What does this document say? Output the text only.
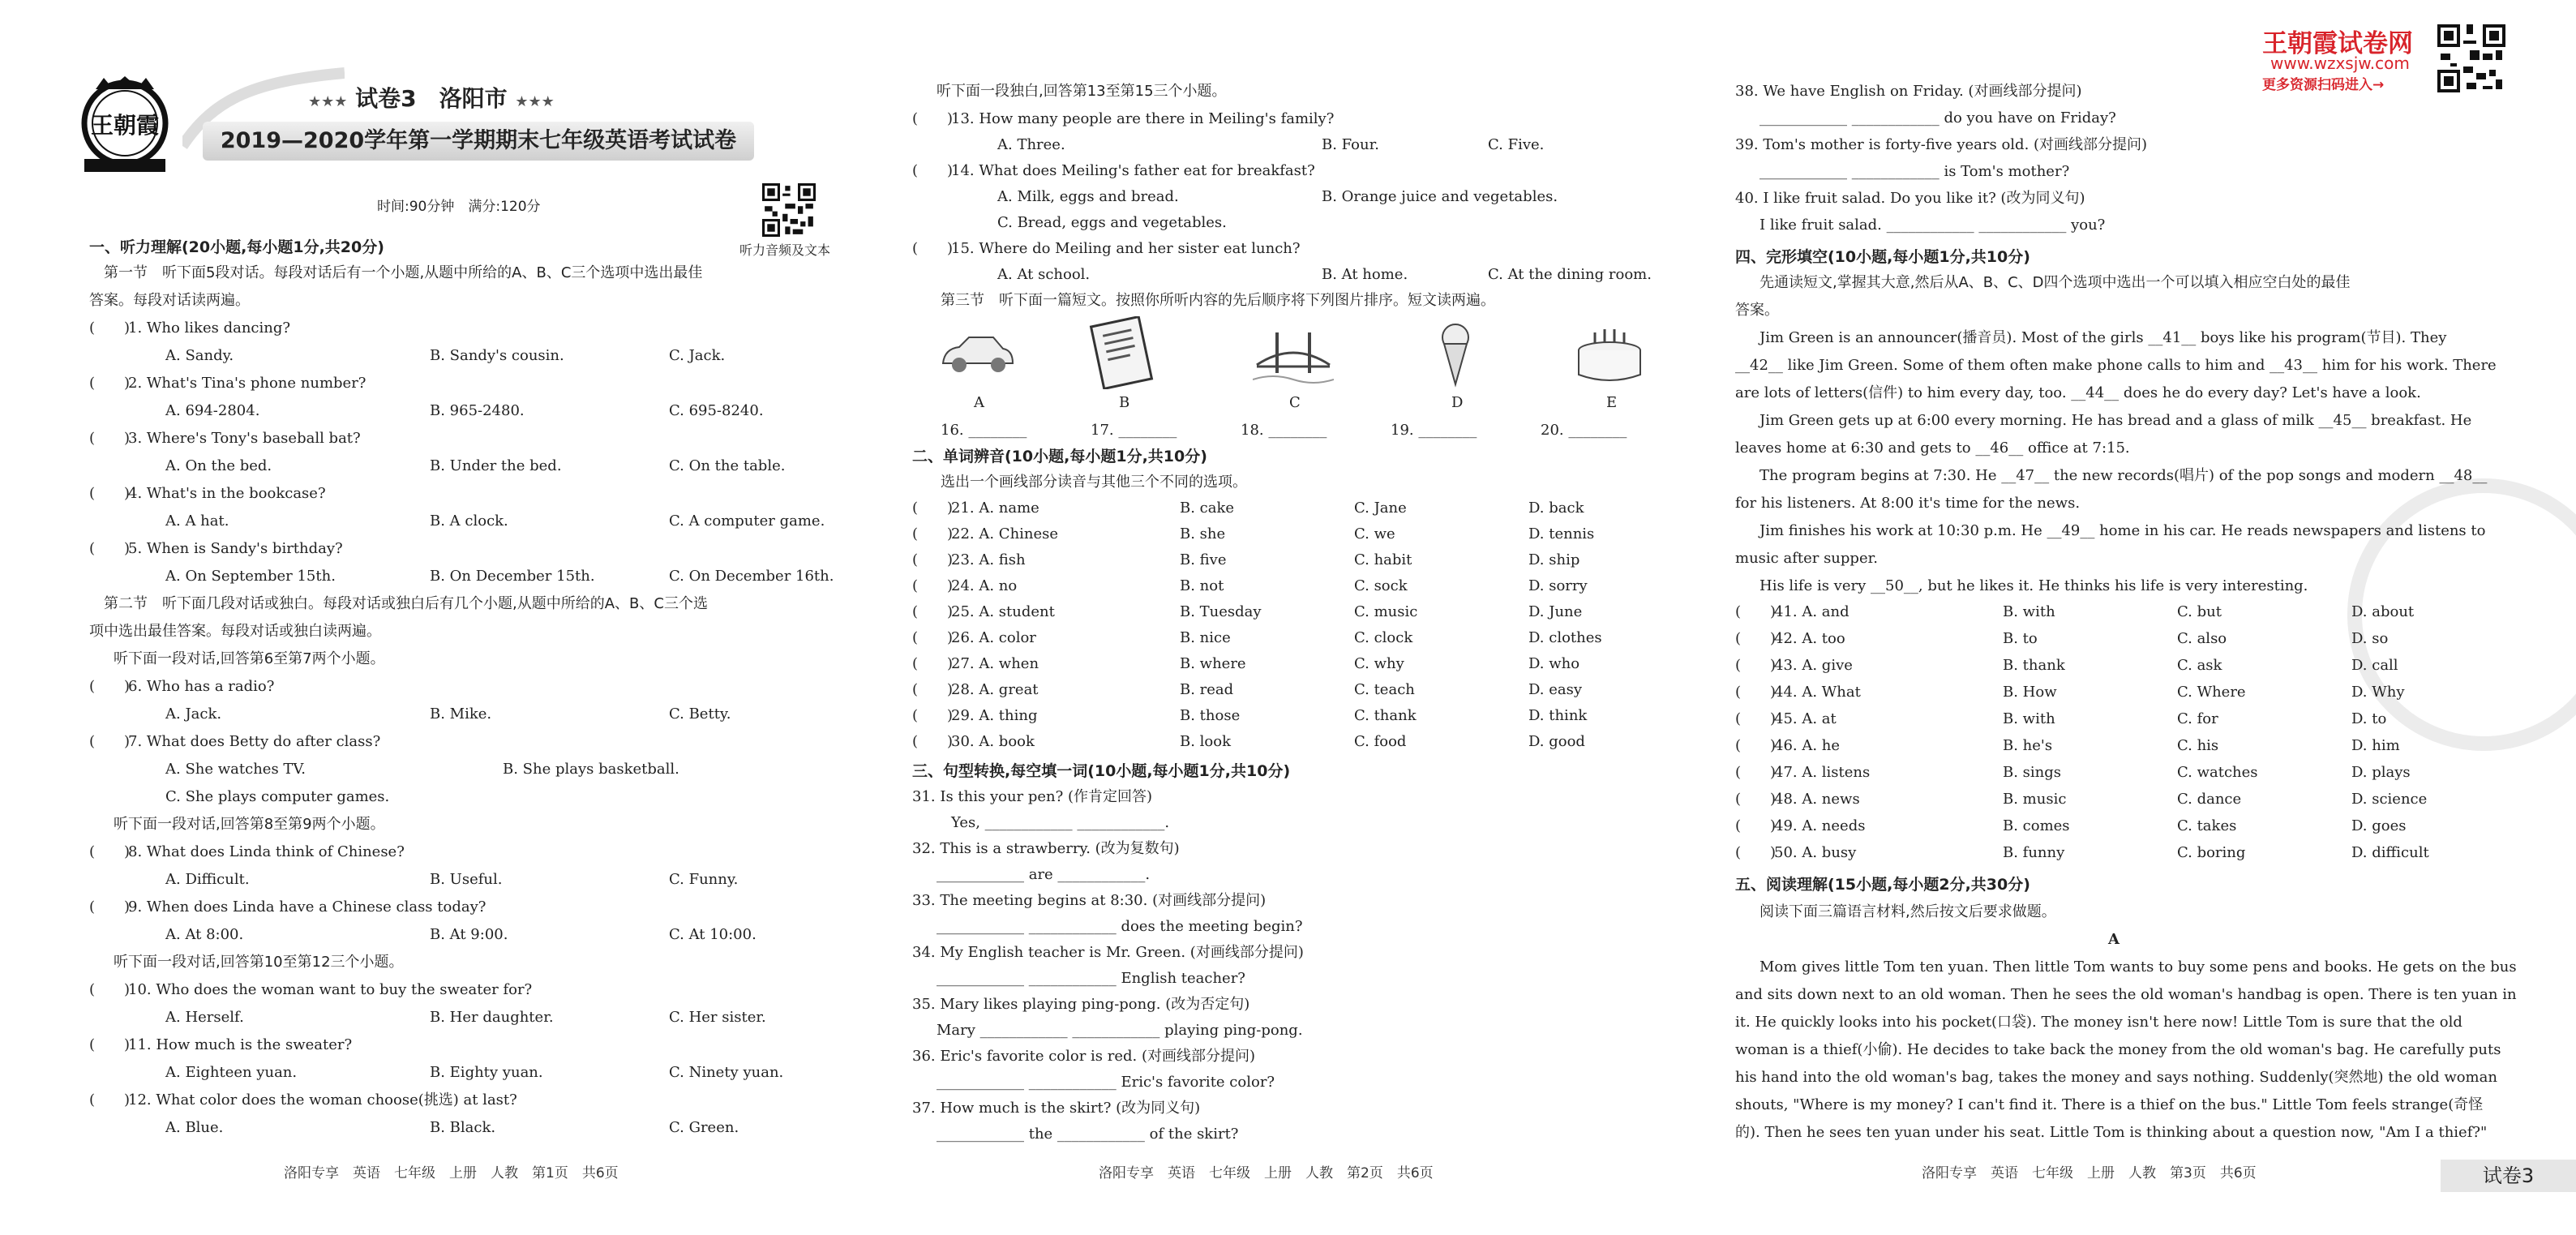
王朝霞
★★★ 试卷3　洛阳市 ★★★
2019—2020学年第一学期期末七年级英语考试试卷
时间:90分钟　满分:120分
听力音频及文本
王朝霞试卷网
www.wzxsjw.com
更多资源扫码进入→
一、听力理解(20小题,每小题1分,共20分)
　第一节　听下面5段对话。每段对话后有一个小题,从题中所给的A、B、C三个选项中选出最佳
答案。每段对话读两遍。
(　　)
1. Who likes dancing?
A. Sandy.	B. Sandy's cousin.	C. Jack.
(　　)
2. What's Tina's phone number?
A. 694-2804.	B. 965-2480.	C. 695-8240.
(　　)
3. Where's Tony's baseball bat?
A. On the bed.	B. Under the bed.	C. On the table.
(　　)
4. What's in the bookcase?
A. A hat.	B. A clock.	C. A computer game.
(　　)
5. When is Sandy's birthday?
A. On September 15th.	B. On December 15th.	C. On December 16th.
　第二节　听下面几段对话或独白。每段对话或独白后有几个小题,从题中所给的A、B、C三个选
项中选出最佳答案。每段对话或独白读两遍。
听下面一段对话,回答第6至第7两个小题。
(　　)
6. Who has a radio?
A. Jack.	B. Mike.	C. Betty.
(　　)
7. What does Betty do after class?
A. She watches TV.	B. She plays basketball.
C. She plays computer games.
听下面一段对话,回答第8至第9两个小题。
(　　)
8. What does Linda think of Chinese?
A. Difficult.	B. Useful.	C. Funny.
(　　)
9. When does Linda have a Chinese class today?
A. At 8:00.	B. At 9:00.	C. At 10:00.
听下面一段对话,回答第10至第12三个小题。
(　　)
10. Who does the woman want to buy the sweater for?
A. Herself.	B. Her daughter.	C. Her sister.
(　　)
11. How much is the sweater?
A. Eighteen yuan.	B. Eighty yuan.	C. Ninety yuan.
(　　)
12. What color does the woman choose(挑选) at last?
A. Blue.	B. Black.	C. Green.
听下面一段独白,回答第13至第15三个小题。
(　　)
13. How many people are there in Meiling's family?
A. Three.	B. Four.	C. Five.
(　　)
14. What does Meiling's father eat for breakfast?
A. Milk, eggs and bread.	B. Orange juice and vegetables.
C. Bread, eggs and vegetables.
(　　)
15. Where do Meiling and her sister eat lunch?
A. At school.	B. At home.	C. At the dining room.
第三节　听下面一篇短文。按照你所听内容的先后顺序将下列图片排序。短文读两遍。
A	B	C	D	E
16. ________	17. ________	18. ________	19. ________	20. ________
二、单词辨音(10小题,每小题1分,共10分)
选出一个画线部分读音与其他三个不同的选项。
(　　)
21. A. name	B. cake	C. Jane	D. back
(　　)
22. A. Chinese	B. she	C. we	D. tennis
(　　)
23. A. fish	B. five	C. habit	D. ship
(　　)
24. A. no	B. not	C. sock	D. sorry
(　　)
25. A. student	B. Tuesday	C. music	D. June
(　　)
26. A. color	B. nice	C. clock	D. clothes
(　　)
27. A. when	B. where	C. why	D. who
(　　)
28. A. great	B. read	C. teach	D. easy
(　　)
29. A. thing	B. those	C. thank	D. think
(　　)
30. A. book	B. look	C. food	D. good
三、句型转换,每空填一词(10小题,每小题1分,共10分)
31. Is this your pen? (作肯定回答)
　Yes, ____________ ____________.
32. This is a strawberry. (改为复数句)
____________ are ____________.
33. The meeting begins at 8:30. (对画线部分提问)
____________ ____________ does the meeting begin?
34. My English teacher is Mr. Green. (对画线部分提问)
____________ ____________ English teacher?
35. Mary likes playing ping-pong. (改为否定句)
Mary ____________ ____________ playing ping-pong.
36. Eric's favorite color is red. (对画线部分提问)
____________ ____________ Eric's favorite color?
37. How much is the skirt? (改为同义句)
____________ the ____________ of the skirt?
38. We have English on Friday. (对画线部分提问)
____________ ____________ do you have on Friday?
39. Tom's mother is forty-five years old. (对画线部分提问)
____________ ____________ is Tom's mother?
40. I like fruit salad. Do you like it? (改为同义句)
I like fruit salad. ____________ ____________ you?
四、完形填空(10小题,每小题1分,共10分)
先通读短文,掌握其大意,然后从A、B、C、D四个选项中选出一个可以填入相应空白处的最佳
答案。
Jim Green is an announcer(播音员). Most of the girls __41__ boys like his program(节目). They
__42__ like Jim Green. Some of them often make phone calls to him and __43__ him for his work. There
are lots of letters(信件) to him every day, too. __44__ does he do every day? Let's have a look.
Jim Green gets up at 6:00 every morning. He has bread and a glass of milk __45__ breakfast. He
leaves home at 6:30 and gets to __46__ office at 7:15.
The program begins at 7:30. He __47__ the new records(唱片) of the pop songs and modern __48__
for his listeners. At 8:00 it's time for the news.
Jim finishes his work at 10:30 p.m. He __49__ home in his car. He reads newspapers and listens to
music after supper.
His life is very __50__, but he likes it. He thinks his life is very interesting.
(　　)
41. A. and	B. with	C. but	D. about
(　　)
42. A. too	B. to	C. also	D. so
(　　)
43. A. give	B. thank	C. ask	D. call
(　　)
44. A. What	B. How	C. Where	D. Why
(　　)
45. A. at	B. with	C. for	D. to
(　　)
46. A. he	B. he's	C. his	D. him
(　　)
47. A. listens	B. sings	C. watches	D. plays
(　　)
48. A. news	B. music	C. dance	D. science
(　　)
49. A. needs	B. comes	C. takes	D. goes
(　　)
50. A. busy	B. funny	C. boring	D. difficult
五、阅读理解(15小题,每小题2分,共30分)
阅读下面三篇语言材料,然后按文后要求做题。
A
Mom gives little Tom ten yuan. Then little Tom wants to buy some pens and books. He gets on the bus
and sits down next to an old woman. Then he sees the old woman's handbag is open. There is ten yuan in
it. He quickly looks into his pocket(口袋). The money isn't here now! Little Tom is sure that the old
woman is a thief(小偷). He decides to take back the money from the old woman's bag. He carefully puts
his hand into the old woman's bag, takes the money and says nothing. Suddenly(突然地) the old woman
shouts, "Where is my money? I can't find it. There is a thief on the bus." Little Tom feels strange(奇怪
的). Then he sees ten yuan under his seat. Little Tom is thinking about a question now, "Am I a thief?"
洛阳专享　英语　七年级　上册　人教　第1页　共6页	洛阳专享　英语　七年级　上册　人教　第2页　共6页	洛阳专享　英语　七年级　上册　人教　第3页　共6页	试卷3
